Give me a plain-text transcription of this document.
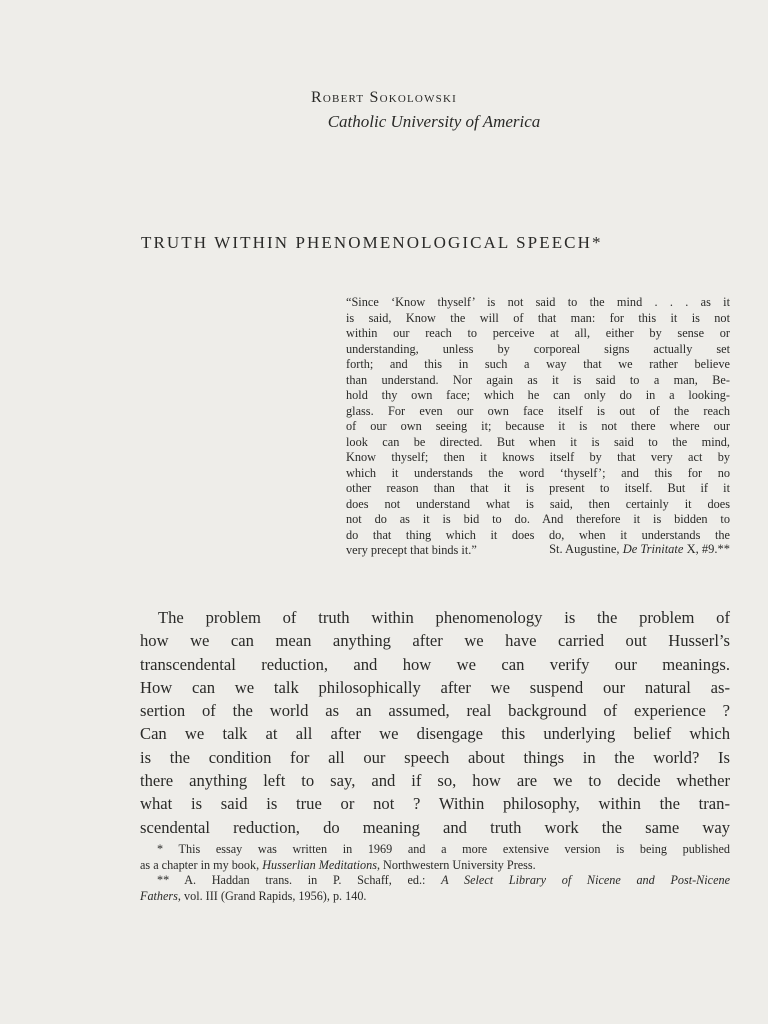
Robert Sokolowski
Catholic University of America
TRUTH WITHIN PHENOMENOLOGICAL SPEECH*
“Since ‘Know thyself’ is not said to the mind . . . as it
is said, Know the will of that man: for this it is not
within our reach to perceive at all, either by sense or
understanding, unless by corporeal signs actually set
forth; and this in such a way that we rather believe
than understand. Nor again as it is said to a man, Be-
hold thy own face; which he can only do in a looking-
glass. For even our own face itself is out of the reach
of our own seeing it; because it is not there where our
look can be directed. But when it is said to the mind,
Know thyself; then it knows itself by that very act by
which it understands the word ‘thyself’; and this for no
other reason than that it is present to itself. But if it
does not understand what is said, then certainly it does
not do as it is bid to do. And therefore it is bidden to
do that thing which it does do, when it understands the
very precept that binds it.”	St. Augustine, De Trinitate X, #9.**
The problem of truth within phenomenology is the problem of
how we can mean anything after we have carried out Husserl’s
transcendental reduction, and how we can verify our meanings.
How can we talk philosophically after we suspend our natural as-
sertion of the world as an assumed, real background of experience ?
Can we talk at all after we disengage this underlying belief which
is the condition for all our speech about things in the world? Is
there anything left to say, and if so, how are we to decide whether
what is said is true or not ? Within philosophy, within the tran-
scendental reduction, do meaning and truth work the same way
* This essay was written in 1969 and a more extensive version is being published
as a chapter in my book, Husserlian Meditations, Northwestern University Press.
** A. Haddan trans. in P. Schaff, ed.: A Select Library of Nicene and Post-Nicene
Fathers, vol. III (Grand Rapids, 1956), p. 140.
